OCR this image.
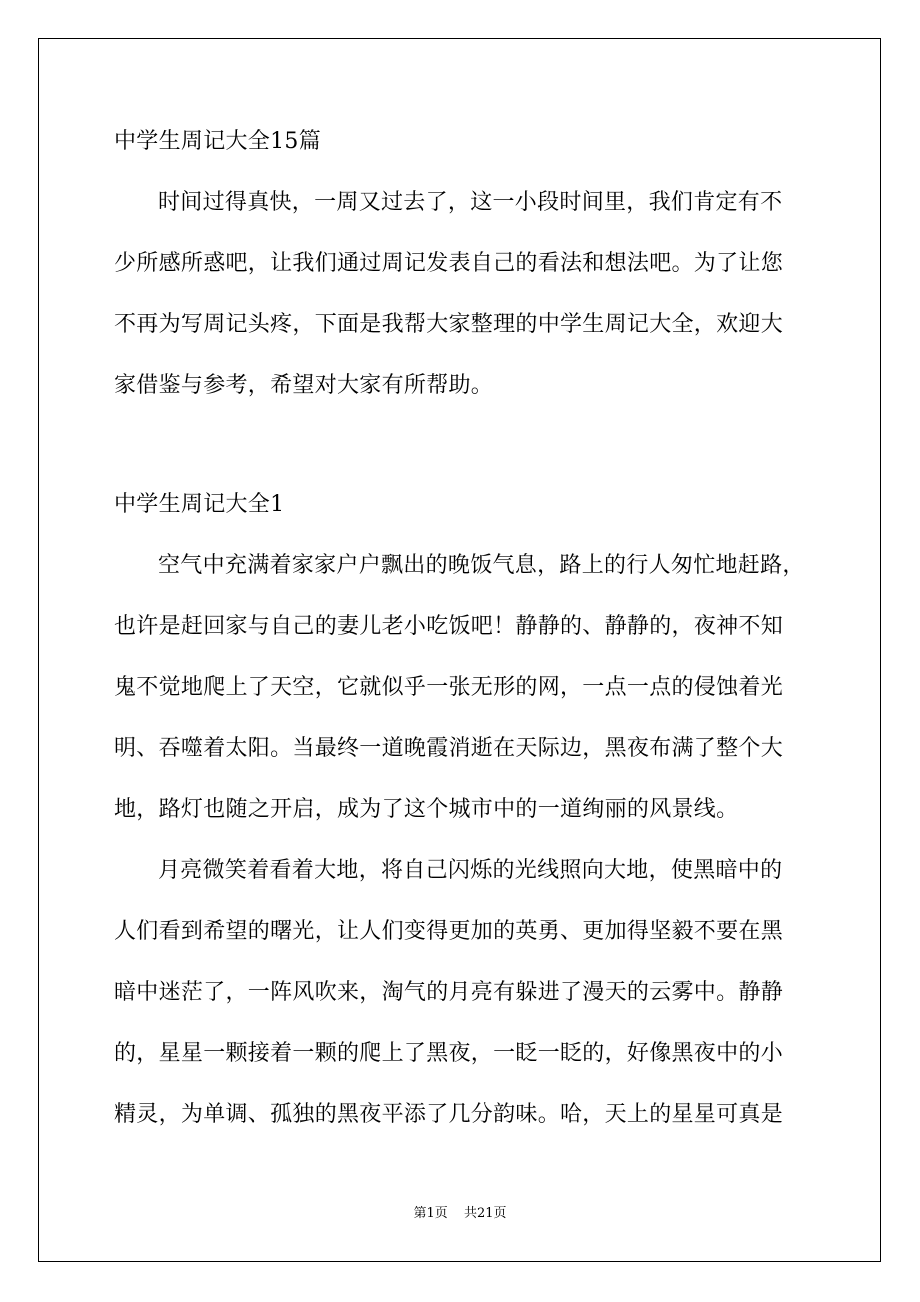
中学生周记大全15篇
时间过得真快，一周又过去了，这一小段时间里，我们肯定有不
少所感所惑吧，让我们通过周记发表自己的看法和想法吧。为了让您
不再为写周记头疼，下面是我帮大家整理的中学生周记大全，欢迎大
家借鉴与参考，希望对大家有所帮助。
中学生周记大全1
空气中充满着家家户户飘出的晚饭气息，路上的行人匆忙地赶路，
也许是赶回家与自己的妻儿老小吃饭吧！静静的、静静的，夜神不知
鬼不觉地爬上了天空，它就似乎一张无形的网，一点一点的侵蚀着光
明、吞噬着太阳。当最终一道晚霞消逝在天际边，黑夜布满了整个大
地，路灯也随之开启，成为了这个城市中的一道绚丽的风景线。
月亮微笑着看着大地，将自己闪烁的光线照向大地，使黑暗中的
人们看到希望的曙光，让人们变得更加的英勇、更加得坚毅不要在黑
暗中迷茫了，一阵风吹来，淘气的月亮有躲进了漫天的云雾中。静静
的，星星一颗接着一颗的爬上了黑夜，一眨一眨的，好像黑夜中的小
精灵，为单调、孤独的黑夜平添了几分韵味。哈，天上的星星可真是
第1页 共21页
